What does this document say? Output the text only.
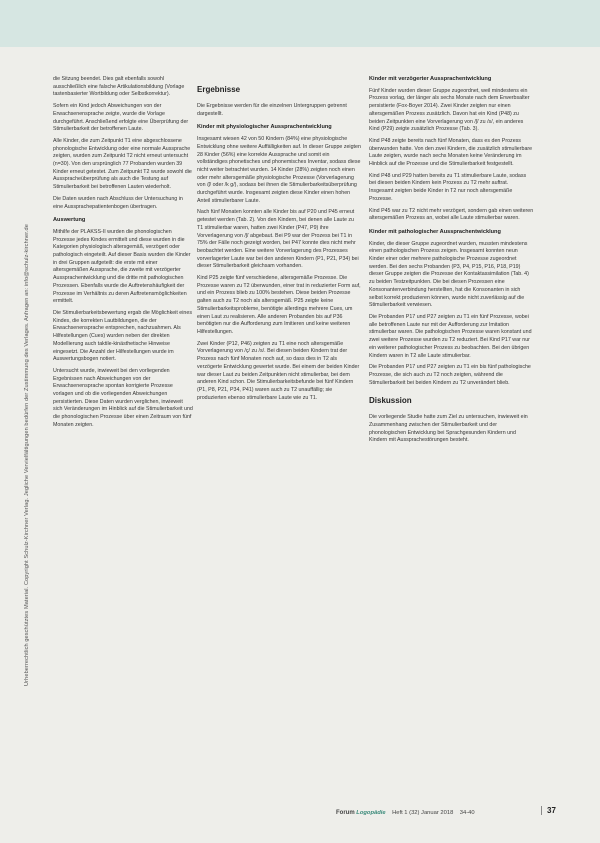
Urheberrechtlich geschütztes Material. Copyright Schulz-Kirchner Verlag. Jegliche Vervielfältigungen bedürfen der Zustimmung des Verlages. Anfragen an: info@schulz-kirchner.de

die Sitzung beendet. Dies galt ebenfalls sowohl ausschließlich eine falsche Artikulationsbildung (Vorlage tastenbasierter Wortbildung oder Selbstkorrektur).

Sofern ein Kind jedoch Abweichungen von der Erwachsenensprache zeigte, wurde die Vorlage durchgeführt. Anschließend erfolgte eine Überprüfung der Stimulierbarkeit der betroffenen Laute.

Alle Kinder, die zum Zeitpunkt T1 eine abgeschlossene phonologische Entwicklung oder eine normale Aussprache zeigten, wurden zum Zeitpunkt T2 nicht erneut untersucht (n=30). Von den ursprünglich 77 Probanden wurden 39 Kinder erneut getestet. Zum Zeitpunkt T2 wurde sowohl die Ausspracheüberprüfung als auch die Testung auf Stimulierbarkeit bei betroffenen Lauten wiederholt.

Die Daten wurden nach Abschluss der Untersuchung in eine Aussprachepatientenbogen übertragen.

Auswertung

Mithilfe der PLAKSS-II wurden die phonologischen Prozesse jedes Kindes ermittelt und diese wurden in die Kategorien physiologisch altersgemäß, verzögert oder pathologisch eingeteilt. Auf dieser Basis wurden die Kinder in drei Gruppen aufgeteilt: die erste mit einer altersgemäßen Aussprache, die zweite mit verzögerter Aussprachentwicklung und die dritte mit pathologischen Prozessen. Ebenfalls wurde die Auftretenshäufigkeit der Prozesse im Verhältnis zu deren Auftretensmöglichkeiten ermittelt.

Die Stimulierbarkeitsbewertung ergab die Möglichkeit eines Kindes, die korrekten Lautbildungen, die der Erwachsenensprache entsprechen, nachzuahmen. Als Hilfestellungen (Cues) wurden neben der direkten Modellierung auch taktile-kinästhetische Hinweise eingesetzt. Die Anzahl der Hilfestellungen wurde im Auswertungsbogen notiert.

Untersucht wurde, inwieweit bei den vorliegenden Ergebnissen nach Abweichungen von der Erwachsenensprache spontan korrigierte Prozesse vorlagen und ob die vorliegenden Abweichungen persistierten. Diese Daten wurden verglichen, inwieweit sich Veränderungen im Hinblick auf die Stimulierbarkeit und die phonologischen Prozesse über einen Zeitraum von fünf Monaten zeigten.

Ergebnisse

Die Ergebnisse werden für die einzelnen Untergruppen getrennt dargestellt.

Kinder mit physiologischer Aussprachentwicklung

Insgesamt wiesen 42 von 50 Kindern (84%) eine physiologische Entwicklung ohne weitere Auffälligkeiten auf. In dieser Gruppe zeigten 28 Kinder (56%) eine korrekte Aussprache und somit ein vollständiges phonetisches und phonemisches Inventar, sodass diese nicht weiter betrachtet wurden. 14 Kinder (28%) zeigten noch einen oder mehr altersgemäße physiologische Prozesse (Vorverlagerung von /ʃ/ oder /k g/), sodass bei ihnen die Stimulierbarkeitsüberprüfung durchgeführt wurde. Insgesamt zeigten diese Kinder einen hohen Anteil stimulierbarer Laute.

Nach fünf Monaten konnten alle Kinder bis auf P20 und P45 erneut getestet werden (Tab. 2). Von den Kindern, bei denen alle Laute zu T1 stimulierbar waren, hatten zwei Kinder (P47, P9) ihre Vorverlagerung von /ʃ/ abgebaut. Bei P9 war der Prozess bei T1 in 75% der Fälle noch gezeigt worden, bei P47 konnte dies nicht mehr beobachtet werden. Eine weitere Vorverlagerung des Prozesses vorverlagerter Laute war bei den anderen Kindern (P1, P21, P34) bei dieser Stimulierbarkeit gleichsam vorhanden.

Kind P25 zeigte fünf verschiedene, altersgemäße Prozesse. Die Prozesse waren zu T2 überwunden, einer trat in reduzierter Form auf, und ein Prozess blieb zu 100% bestehen. Diese beiden Prozesse galten auch zu T2 noch als altersgemäß. P25 zeigte keine Stimulierbarkeitsprobleme, benötigte allerdings mehrere Cues, um einen Laut zu realisieren. Alle anderen Probanden bis auf P36 benötigten nur die Aufforderung zum Imitieren und keine weiteren Hilfestellungen.

Zwei Kinder (P12, P46) zeigten zu T1 eine noch altersgemäße Vorverlagerung von /ç/ zu /s/. Bei diesen beiden Kindern trat der Prozess nach fünf Monaten noch auf, so dass dies in T2 als verzögerte Entwicklung gewertet wurde. Bei einem der beiden Kinder war dieser Laut zu beiden Zeitpunkten nicht stimulierbar, bei dem anderen Kind schon. Die Stimulierbarkeitsbefunde bei fünf Kindern (P1, P8, P21, P34, P41) waren auch zu T2 unauffällig; sie produzierten ebenso stimulierbare Laute wie zu T1.

Kinder mit verzögerter Aussprachentwicklung

Fünf Kinder wurden dieser Gruppe zugeordnet, weil mindestens ein Prozess vorlag, der länger als sechs Monate nach dem Erwerbsalter persistierte (Fox-Boyer 2014). Zwei Kinder zeigten nur einen altersgemäßen Prozess zusätzlich. Davon hat ein Kind (P48) zu beiden Zeitpunkten eine Vorverlagerung von /ʃ/ zu /s/, ein anderes Kind (P29) zeigte zusätzlich Prozesse (Tab. 3).

Kind P48 zeigte bereits nach fünf Monaten, dass es den Prozess überwunden hatte. Von den zwei Kindern, die zusätzlich stimulierbare Laute zeigten, wurde nach sechs Monaten keine Veränderung im Hinblick auf die Prozesse und die Stimulierbarkeit festgestellt.

Kind P48 und P29 hatten bereits zu T1 stimulierbare Laute, sodass bei diesen beiden Kindern kein Prozess zu T2 mehr auftrat. Insgesamt zeigten beide Kinder in T2 nur noch altersgemäße Prozesse.

Kind P45 war zu T2 nicht mehr verzögert, sondern gab einen weiteren altersgemäßen Prozess an, wobei alle Laute stimulierbar waren.

Kinder mit pathologischer Aussprachentwicklung

Kinder, die dieser Gruppe zugeordnet wurden, mussten mindestens einen pathologischen Prozess zeigen. Insgesamt konnten neun Kinder einer oder mehrere pathologische Prozesse zugeordnet werden. Bei den sechs Probanden (P3, P4, P15, P16, P18, P19) dieser Gruppe zeigten die Prozesse der Kontaktassimilation (Tab. 4) zu beiden Testzeitpunkten. Die bei diesen Prozessen eine Konsonantenverbindung herstellten, hat die Konsonanten in sich selbst korrekt produzieren können, wurde nicht zuverlässig auf die Stimulierbarkeit verwiesen.

Die Probanden P17 und P27 zeigten zu T1 ein fünf Prozesse, wobei alle betroffenen Laute nur mit der Aufforderung zur Imitation stimulierbar waren. Die pathologischen Prozesse waren konstant und zwei weitere Prozesse wurden zu T2 reduziert. Bei Kind P17 war nur ein weiterer pathologischer Prozess zu beobachten. Bei den übrigen Kindern waren in T2 alle Laute stimulierbar.

Die Probanden P17 und P27 zeigten zu T1 ein bis fünf pathologische Prozesse, die sich auch zu T2 noch zeigten, während die Stimulierbarkeit bei beiden Kindern zu T2 unverändert blieb.

Diskussion

Die vorliegende Studie hatte zum Ziel zu untersuchen, inwieweit ein Zusammenhang zwischen der Stimulierbarkeit und der phonologischen Entwicklung bei Sprachgesunden Kindern und Kindern mit Aussprachestörungen besteht.

Forum Logopädie Heft 1 (32) Januar 2018 34-40	37
